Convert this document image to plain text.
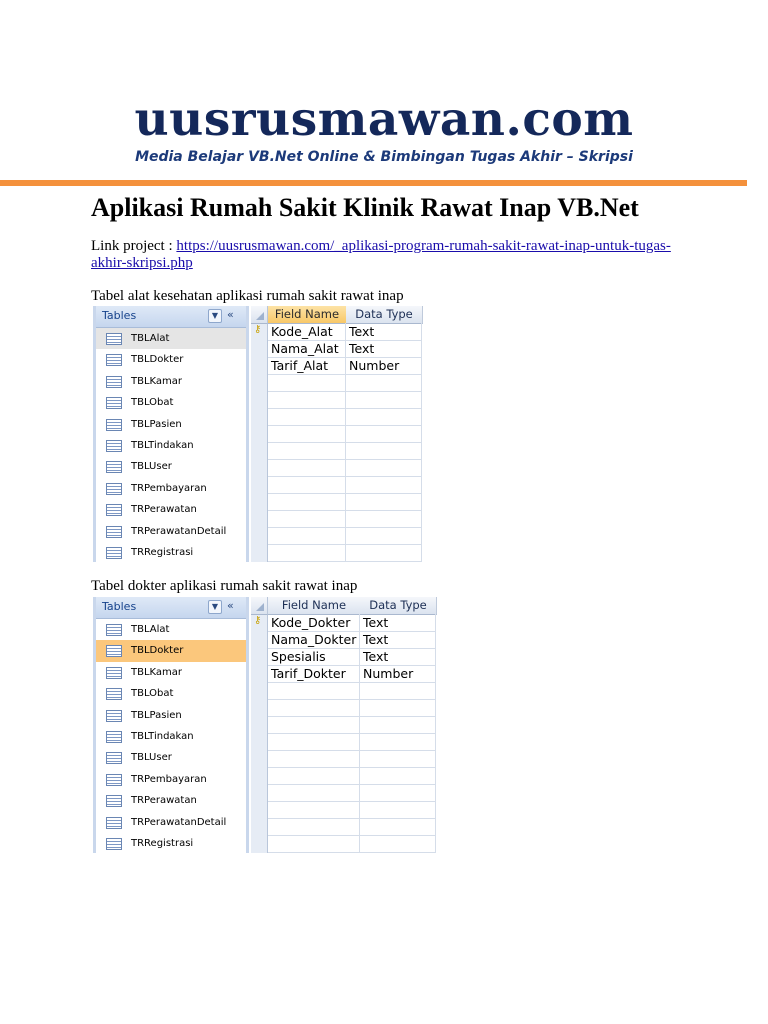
uusrusmawan.com
Media Belajar VB.Net Online & Bimbingan Tugas Akhir – Skripsi
Aplikasi Rumah Sakit Klinik Rawat Inap VB.Net
Link project : https://uusrusmawan.com/_aplikasi-program-rumah-sakit-rawat-inap-untuk-tugas-akhir-skripsi.php
Tabel alat kesehatan aplikasi rumah sakit rawat inap
Tables	▼ «
TBLAlat
TBLDokter
TBLKamar
TBLObat
TBLPasien
TBLTindakan
TBLUser
TRPembayaran
TRPerawatan
TRPerawatanDetail
TRRegistrasi
Field Name	Data Type
⚷ Kode_Alat	Text
Nama_Alat Text
Tarif_Alat	Number
Tabel dokter aplikasi rumah sakit rawat inap
Tables	▼ «
TBLAlat
TBLDokter
TBLKamar
TBLObat
TBLPasien
TBLTindakan
TBLUser
TRPembayaran
TRPerawatan
TRPerawatanDetail
TRRegistrasi
Field Name	Data Type
⚷ Kode_Dokter	Text
Nama_Dokter Text
Spesialis	Text
Tarif_Dokter	Number
